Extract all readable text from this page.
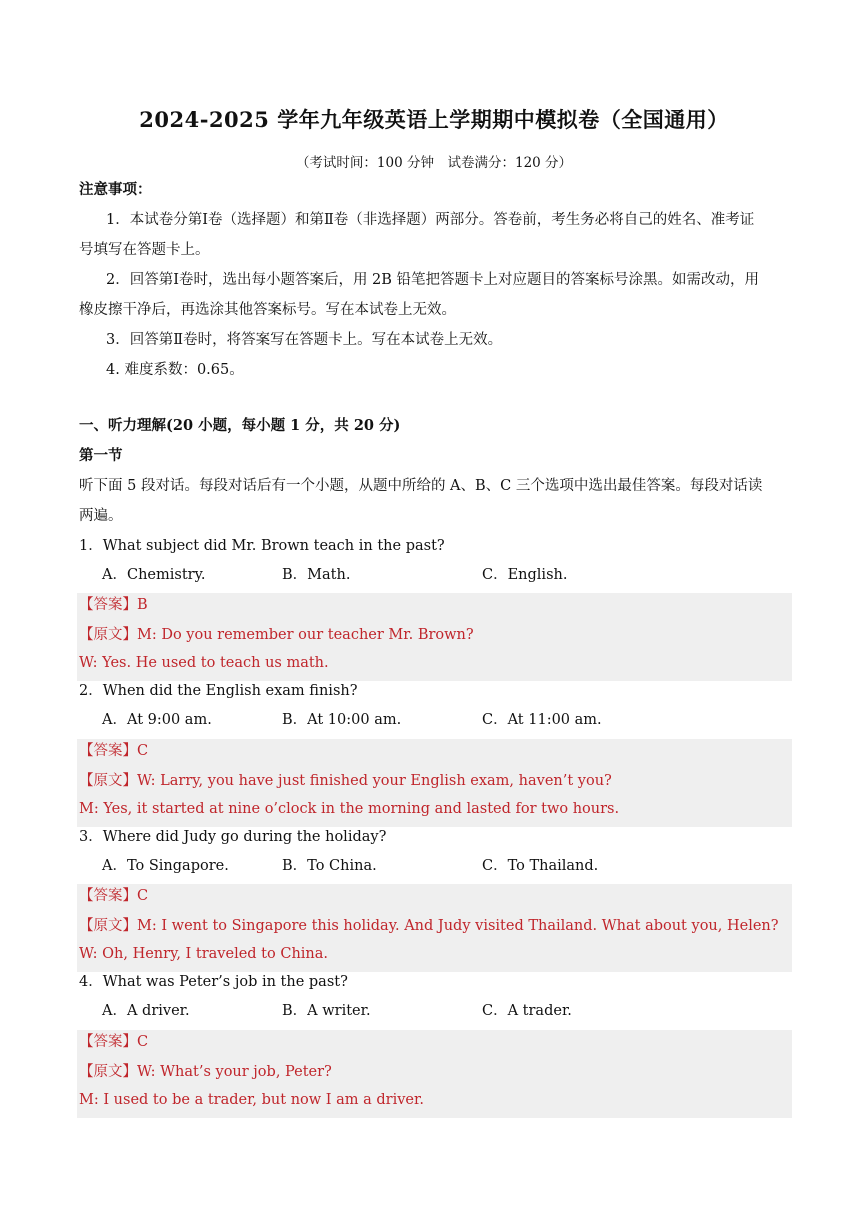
2024-2025 学年九年级英语上学期期中模拟卷（全国通用）
（考试时间：100 分钟　试卷满分：120 分）
注意事项：
1．本试卷分第Ⅰ卷（选择题）和第Ⅱ卷（非选择题）两部分。答卷前，考生务必将自己的姓名、准考证
号填写在答题卡上。
2．回答第Ⅰ卷时，选出每小题答案后，用 2B 铅笔把答题卡上对应题目的答案标号涂黑。如需改动，用
橡皮擦干净后，再选涂其他答案标号。写在本试卷上无效。
3．回答第Ⅱ卷时，将答案写在答题卡上。写在本试卷上无效。
4. 难度系数：0.65。
一、听力理解(20 小题，每小题 1 分，共 20 分)
第一节
听下面 5 段对话。每段对话后有一个小题，从题中所给的 A、B、C 三个选项中选出最佳答案。每段对话读
两遍。
1．What subject did Mr. Brown teach in the past?
A．Chemistry.	B．Math.	C．English.
【答案】B
【原文】M: Do you remember our teacher Mr. Brown?
W: Yes. He used to teach us math.
2．When did the English exam finish?
A．At 9:00 am.	B．At 10:00 am.	C．At 11:00 am.
【答案】C
【原文】W: Larry, you have just finished your English exam, haven’t you?
M: Yes, it started at nine o’clock in the morning and lasted for two hours.
3．Where did Judy go during the holiday?
A．To Singapore.	B．To China.	C．To Thailand.
【答案】C
【原文】M: I went to Singapore this holiday. And Judy visited Thailand. What about you, Helen?
W: Oh, Henry, I traveled to China.
4．What was Peter’s job in the past?
A．A driver.	B．A writer.	C．A trader.
【答案】C
【原文】W: What’s your job, Peter?
M: I used to be a trader, but now I am a driver.
